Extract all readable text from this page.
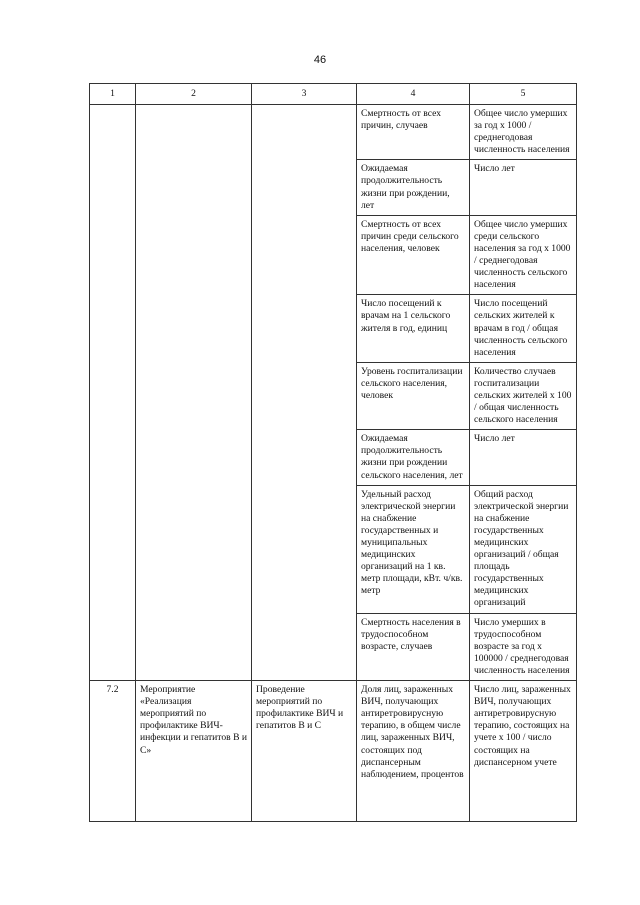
46
1	2	3	4	5
			Смертность от всех причин, случаев	Общее число умерших за год х 1000 / среднегодовая численность населения
			Ожидаемая продолжительность жизни при рождении, лет	Число лет
			Смертность от всех причин среди сельского населения, человек	Общее число умерших среди сельского населения за год х 1000 / среднегодовая численность сельского населения
			Число посещений к врачам на 1 сельского жителя в год, единиц	Число посещений сельских жителей к врачам в год / общая численность сельского населения
			Уровень госпитализации сельского населения, человек	Количество случаев госпитализации сельских жителей х 100 / общая численность сельского населения
			Ожидаемая продолжительность жизни при рождении сельского населения, лет	Число лет
			Удельный расход электрической энергии на снабжение государственных и муниципальных медицинских организаций на 1 кв. метр площади, кВт. ч/кв. метр	Общий расход электрической энергии на снабжение государственных медицинских организаций / общая площадь государственных медицинских организаций
			Смертность населения в трудоспособном возрасте, случаев	Число умерших в трудоспособном возрасте за год х 100000 / среднегодовая численность населения
7.2	Мероприятие «Реализация мероприятий по профилактике ВИЧ-инфекции и гепатитов В и С»	Проведение мероприятий по профилактике ВИЧ и гепатитов В и С	Доля лиц, зараженных ВИЧ, получающих антиретровирусную терапию, в общем числе лиц, зараженных ВИЧ, состоящих под диспансерным наблюдением, процентов	Число лиц, зараженных ВИЧ, получающих антиретровирусную терапию, состоящих на учете х 100 / число состоящих на диспансерном учете
